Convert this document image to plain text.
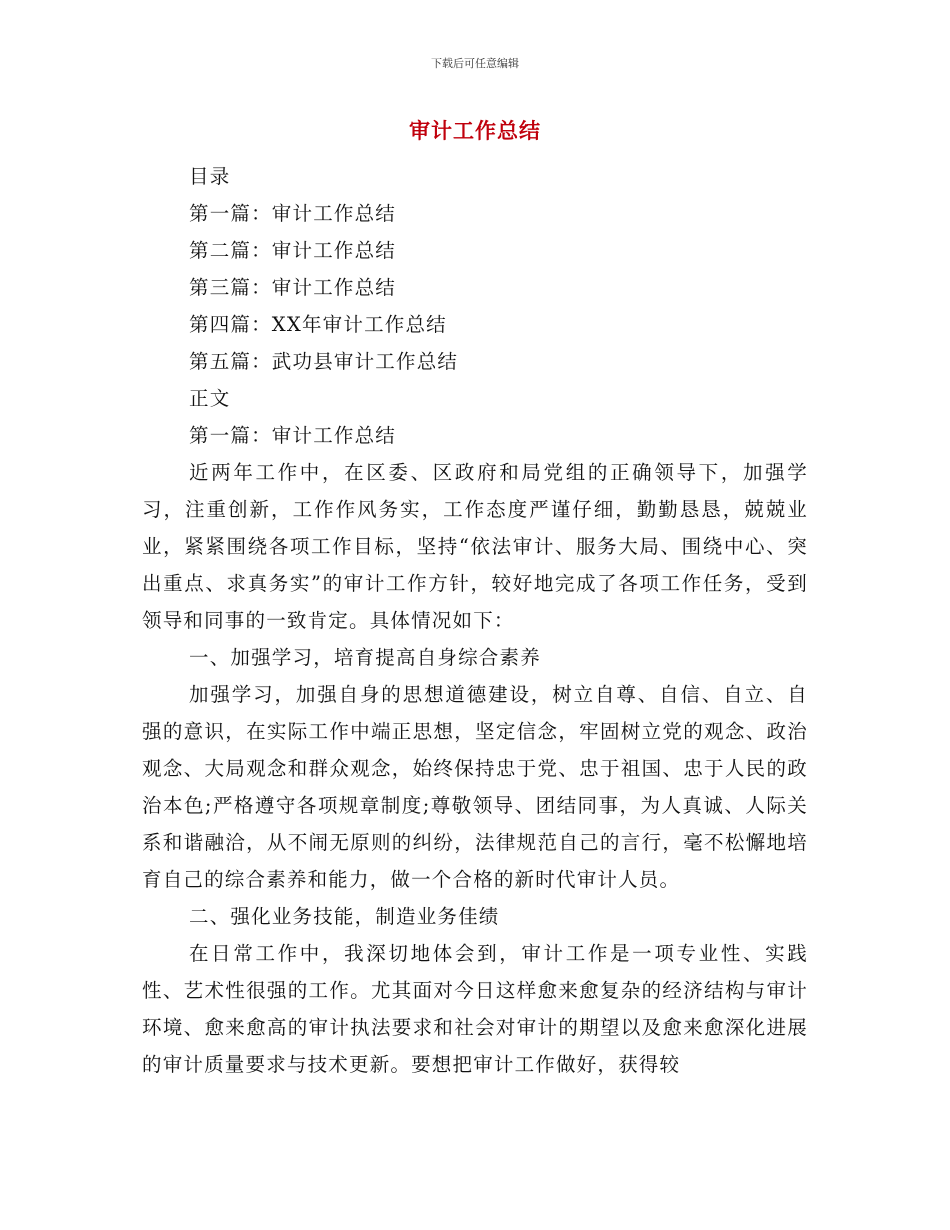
下载后可任意编辑
审计工作总结

目录

第一篇：审计工作总结

第二篇：审计工作总结

第三篇：审计工作总结

第四篇：XX年审计工作总结

第五篇：武功县审计工作总结

正文

第一篇：审计工作总结

近两年工作中，在区委、区政府和局党组的正确领导下，加强学习，注重创新，工作作风务实，工作态度严谨仔细，勤勤恳恳，兢兢业业，紧紧围绕各项工作目标，坚持“依法审计、服务大局、围绕中心、突出重点、求真务实”的审计工作方针，较好地完成了各项工作任务，受到领导和同事的一致肯定。具体情况如下：

一、加强学习，培育提高自身综合素养

加强学习，加强自身的思想道德建设，树立自尊、自信、自立、自强的意识，在实际工作中端正思想，坚定信念，牢固树立党的观念、政治观念、大局观念和群众观念，始终保持忠于党、忠于祖国、忠于人民的政治本色;严格遵守各项规章制度;尊敬领导、团结同事，为人真诚、人际关系和谐融洽，从不闹无原则的纠纷，法律规范自己的言行，毫不松懈地培育自己的综合素养和能力，做一个合格的新时代审计人员。

二、强化业务技能，制造业务佳绩

在日常工作中，我深切地体会到，审计工作是一项专业性、实践性、艺术性很强的工作。尤其面对今日这样愈来愈复杂的经济结构与审计环境、愈来愈高的审计执法要求和社会对审计的期望以及愈来愈深化进展的审计质量要求与技术更新。要想把审计工作做好，获得较
